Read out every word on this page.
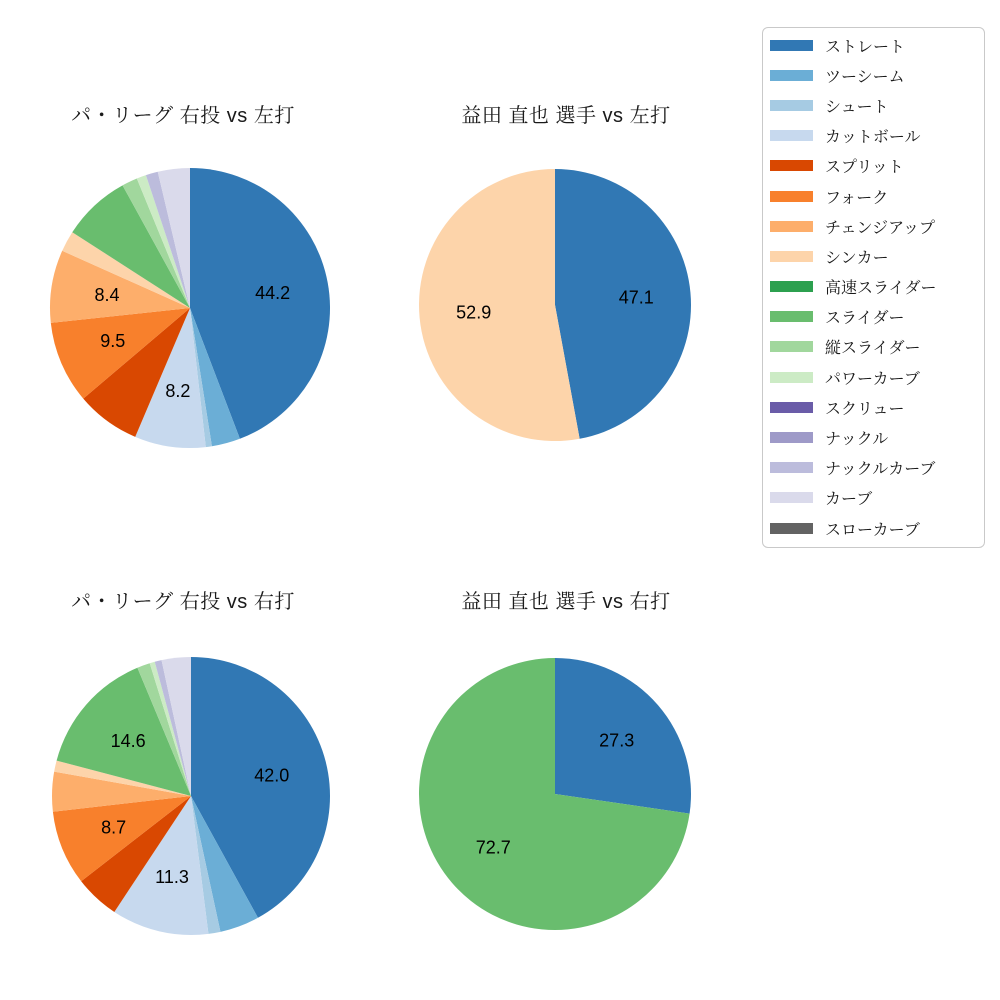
パ・リーグ 右投 vs 左打	益田 直也 選手 vs 左打
パ・リーグ 右投 vs 右打	益田 直也 選手 vs 右打
44.2
8.2
9.5
8.4	47.1
52.9
42.0
11.3
8.7
14.6	27.3
72.7
ストレート
ツーシーム
シュート
カットボール
スプリット
フォーク
チェンジアップ
シンカー
高速スライダー
スライダー
縦スライダー
パワーカーブ
スクリュー
ナックル
ナックルカーブ
カーブ
スローカーブ
